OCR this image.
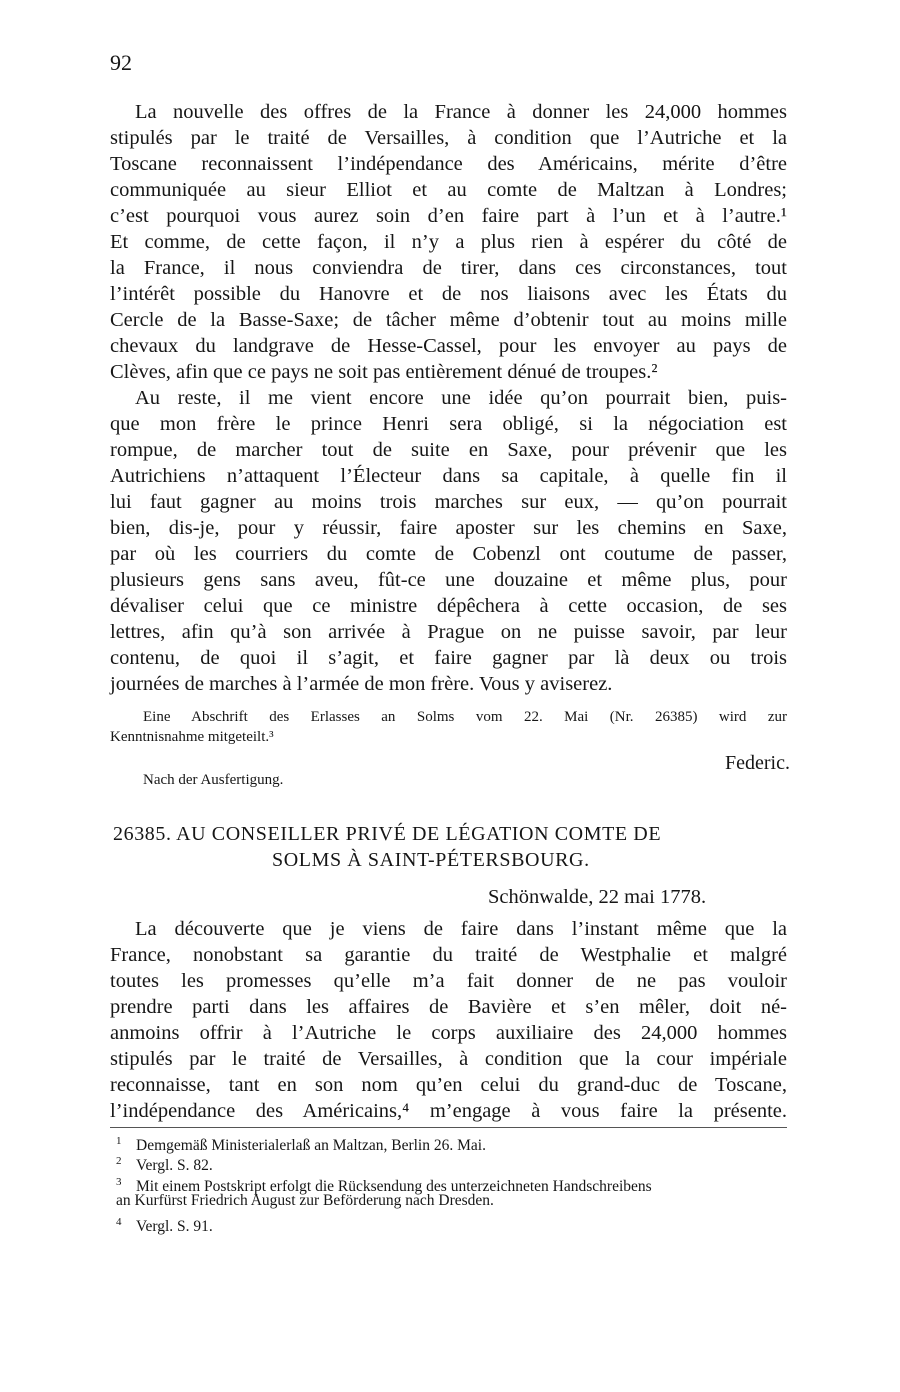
92
La nouvelle des offres de la France à donner les 24,000 hommes
stipulés par le traité de Versailles, à condition que l’Autriche et la
Toscane reconnaissent l’indépendance des Américains, mérite d’être
communiquée au sieur Elliot et au comte de Maltzan à Londres;
c’est pourquoi vous aurez soin d’en faire part à l’un et à l’autre.¹
Et comme, de cette façon, il n’y a plus rien à espérer du côté de
la France, il nous conviendra de tirer, dans ces circonstances, tout
l’intérêt possible du Hanovre et de nos liaisons avec les États du
Cercle de la Basse-Saxe; de tâcher même d’obtenir tout au moins mille
chevaux du landgrave de Hesse-Cassel, pour les envoyer au pays de
Clèves, afin que ce pays ne soit pas entièrement dénué de troupes.²
Au reste, il me vient encore une idée qu’on pourrait bien, puis-
que mon frère le prince Henri sera obligé, si la négociation est
rompue, de marcher tout de suite en Saxe, pour prévenir que les
Autrichiens n’attaquent l’Électeur dans sa capitale, à quelle fin il
lui faut gagner au moins trois marches sur eux, — qu’on pourrait
bien, dis-je, pour y réussir, faire aposter sur les chemins en Saxe,
par où les courriers du comte de Cobenzl ont coutume de passer,
plusieurs gens sans aveu, fût-ce une douzaine et même plus, pour
dévaliser celui que ce ministre dépêchera à cette occasion, de ses
lettres, afin qu’à son arrivée à Prague on ne puisse savoir, par leur
contenu, de quoi il s’agit, et faire gagner par là deux ou trois
journées de marches à l’armée de mon frère. Vous y aviserez.
Eine Abschrift des Erlasses an Solms vom 22. Mai (Nr. 26385) wird zur
Kenntnisnahme mitgeteilt.³
Federic.
Nach der Ausfertigung.
26385. AU CONSEILLER PRIVÉ DE LÉGATION COMTE DE
SOLMS À SAINT-PÉTERSBOURG.
Schönwalde, 22 mai 1778.
La découverte que je viens de faire dans l’instant même que la
France, nonobstant sa garantie du traité de Westphalie et malgré
toutes les promesses qu’elle m’a fait donner de ne pas vouloir
prendre parti dans les affaires de Bavière et s’en mêler, doit né-
anmoins offrir à l’Autriche le corps auxiliaire des 24,000 hommes
stipulés par le traité de Versailles, à condition que la cour impériale
reconnaisse, tant en son nom qu’en celui du grand-duc de Toscane,
l’indépendance des Américains,⁴ m’engage à vous faire la présente.
1 Demgemäß Ministerialerlaß an Maltzan, Berlin 26. Mai.
2 Vergl. S. 82.
3 Mit einem Postskript erfolgt die Rücksendung des unterzeichneten Handschreibens
an Kurfürst Friedrich August zur Beförderung nach Dresden.
4 Vergl. S. 91.
